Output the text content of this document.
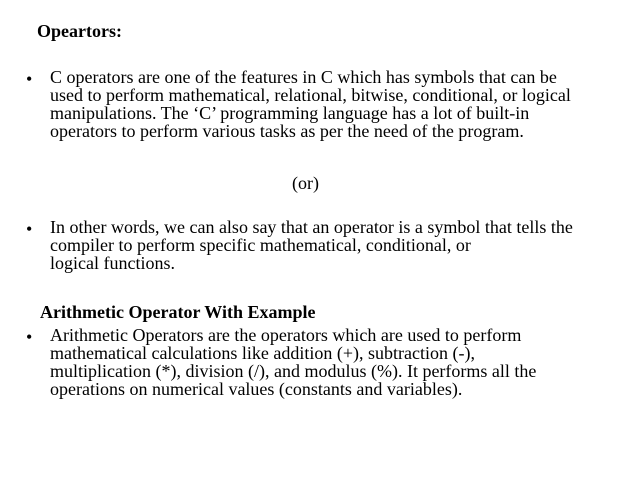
Opeartors:
• C operators are one of the features in C which has symbols that can be
used to perform mathematical, relational, bitwise, conditional, or logical
manipulations. The ‘C’ programming language has a lot of built-in
operators to perform various tasks as per the need of the program.
(or)
• In other words, we can also say that an operator is a symbol that tells the
compiler to perform specific mathematical, conditional, or
logical functions.
Arithmetic Operator With Example
• Arithmetic Operators are the operators which are used to perform
mathematical calculations like addition (+), subtraction (-),
multiplication (*), division (/), and modulus (%). It performs all the
operations on numerical values (constants and variables).
